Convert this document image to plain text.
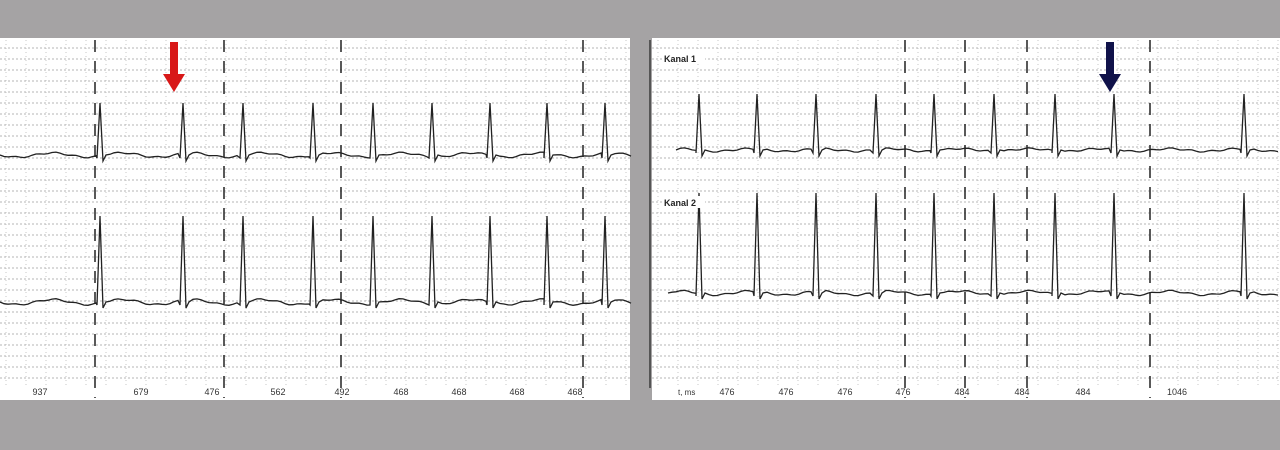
937	679	476	562	492	468	468	468	468
Kanal 1
Kanal 2
t, ms	476	476	476	476	484	484	484	1046
